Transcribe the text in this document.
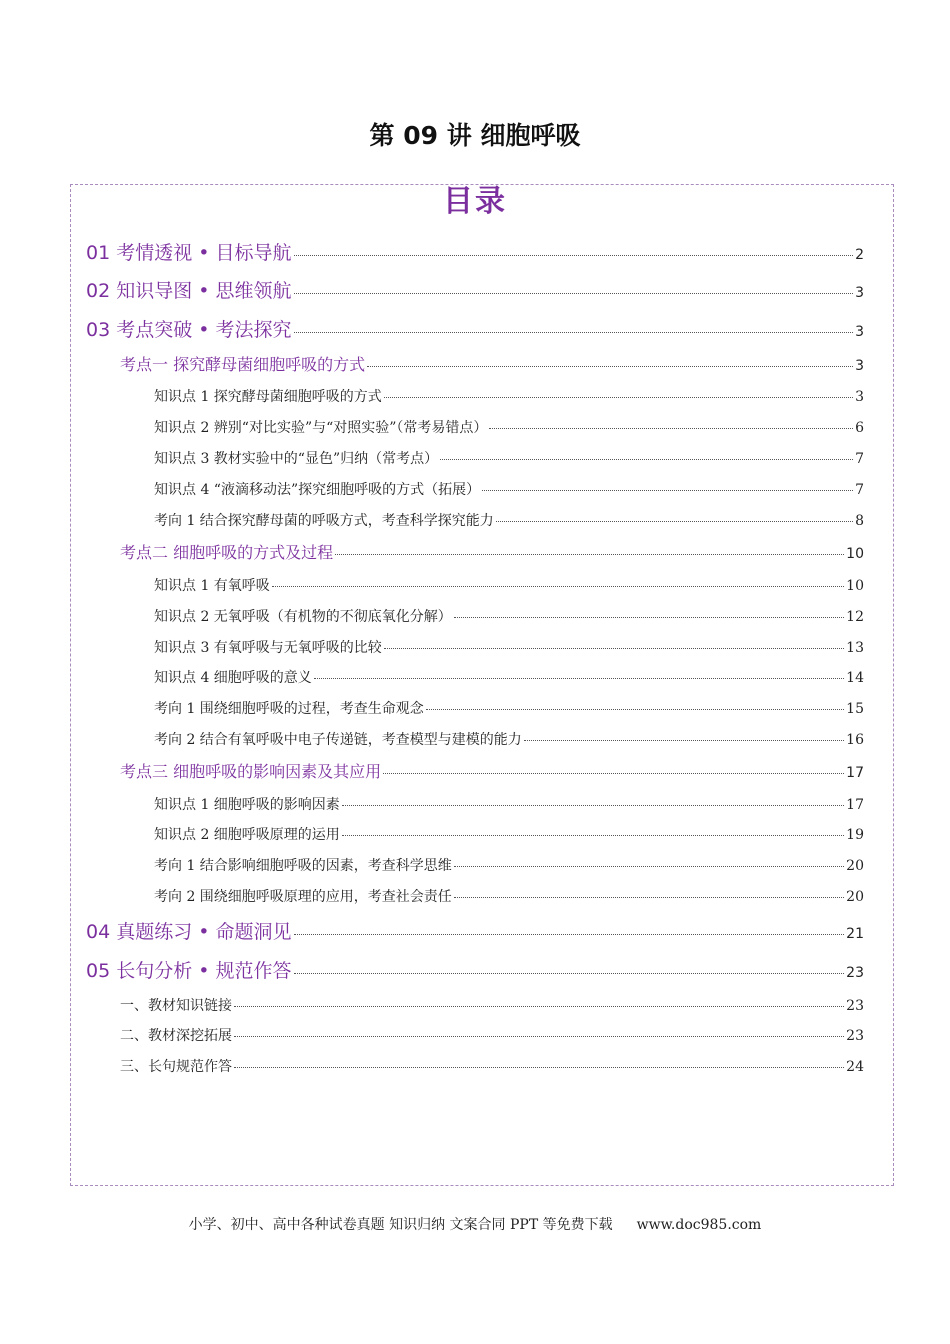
第 09 讲 细胞呼吸
目录
01 考情透视 • 目标导航	2
02 知识导图 • 思维领航	3
03 考点突破 • 考法探究	3
考点一 探究酵母菌细胞呼吸的方式	3
知识点 1 探究酵母菌细胞呼吸的方式	3
知识点 2 辨别“对比实验”与“对照实验”（常考易错点）	6
知识点 3 教材实验中的“显色”归纳（常考点）	7
知识点 4 “液滴移动法”探究细胞呼吸的方式（拓展）	7
考向 1 结合探究酵母菌的呼吸方式，考查科学探究能力	8
考点二 细胞呼吸的方式及过程	10
知识点 1 有氧呼吸	10
知识点 2 无氧呼吸（有机物的不彻底氧化分解）	12
知识点 3 有氧呼吸与无氧呼吸的比较	13
知识点 4 细胞呼吸的意义	14
考向 1 围绕细胞呼吸的过程，考查生命观念	15
考向 2 结合有氧呼吸中电子传递链，考查模型与建模的能力	16
考点三 细胞呼吸的影响因素及其应用	17
知识点 1 细胞呼吸的影响因素	17
知识点 2 细胞呼吸原理的运用	19
考向 1 结合影响细胞呼吸的因素，考查科学思维	20
考向 2 围绕细胞呼吸原理的应用，考查社会责任	20
04 真题练习 • 命题洞见	21
05 长句分析 • 规范作答	23
一、教材知识链接	23
二、教材深挖拓展	23
三、长句规范作答	24
小学、初中、高中各种试卷真题 知识归纳 文案合同 PPT 等免费下载 www.doc985.com
